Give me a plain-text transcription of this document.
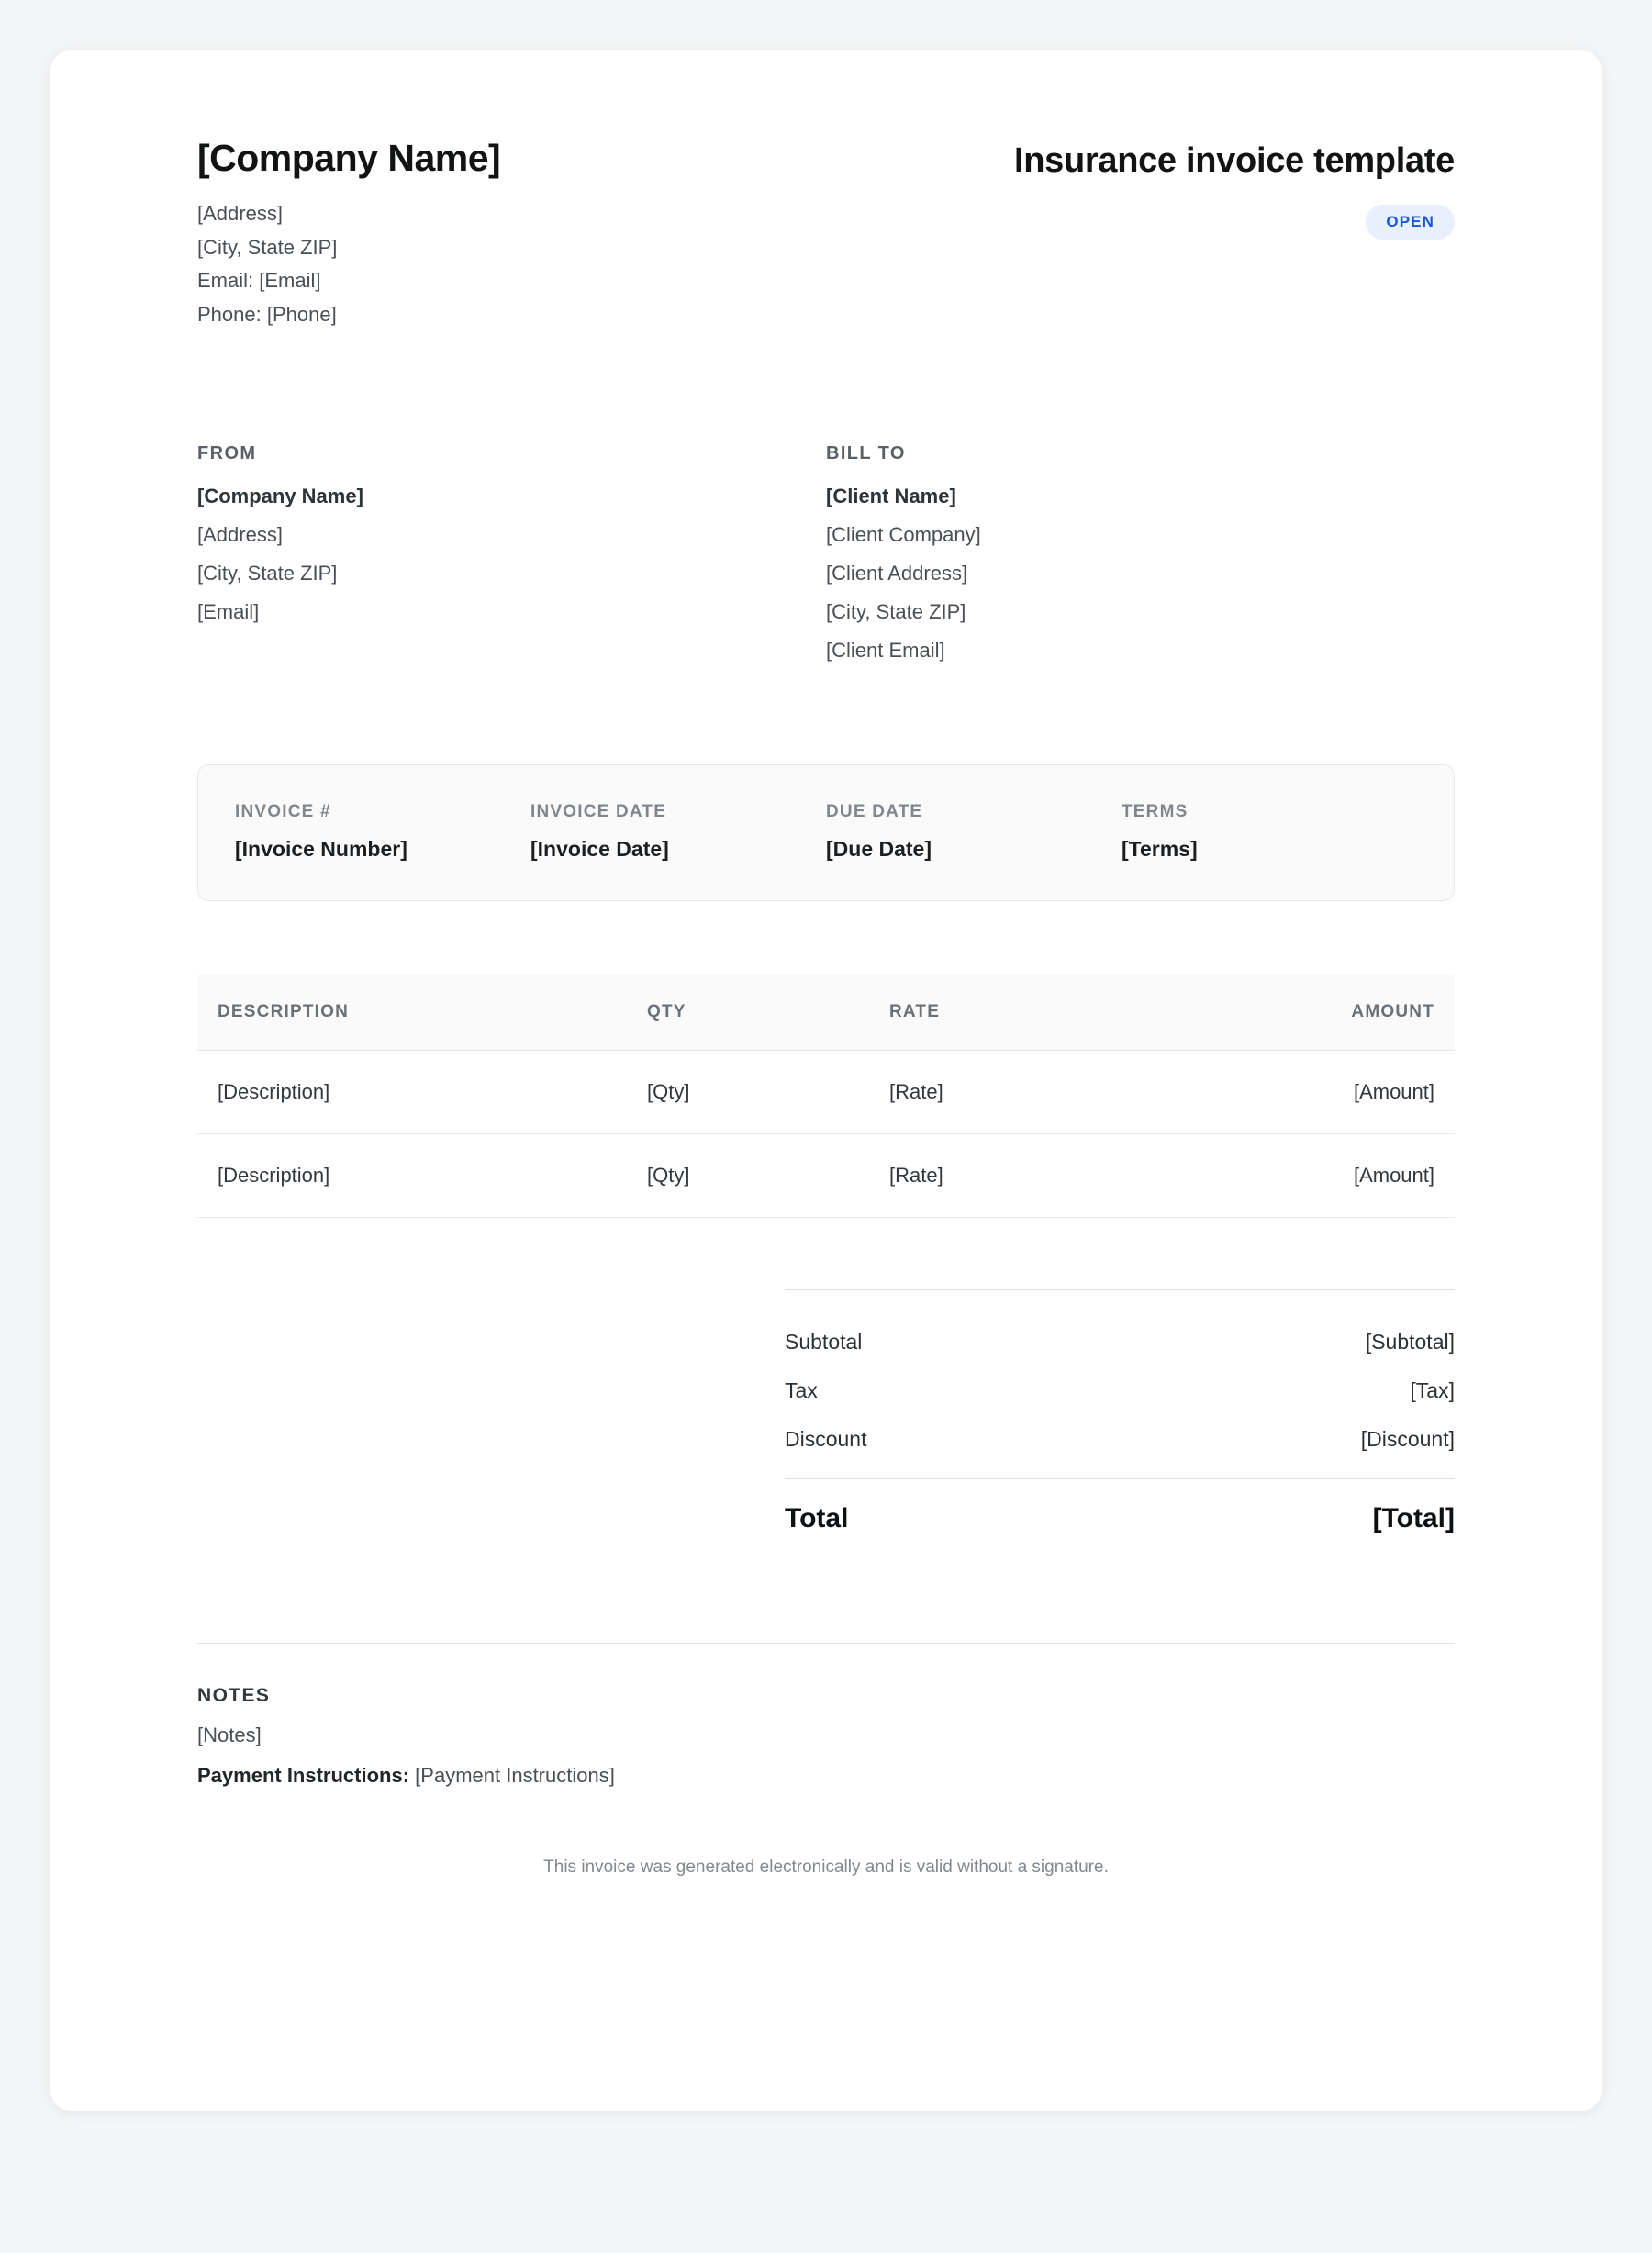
[Company Name]
[Address]
[City, State ZIP]
Email: [Email]
Phone: [Phone]
Insurance invoice template
OPEN
FROM
[Company Name]
[Address]
[City, State ZIP]
[Email]
BILL TO
[Client Name]
[Client Company]
[Client Address]
[City, State ZIP]
[Client Email]
INVOICE #
[Invoice Number]
INVOICE DATE
[Invoice Date]
DUE DATE
[Due Date]
TERMS
[Terms]
DESCRIPTION	QTY	RATE	AMOUNT
[Description]	[Qty]	[Rate]	[Amount]
[Description]	[Qty]	[Rate]	[Amount]
Subtotal	[Subtotal]
Tax	[Tax]
Discount	[Discount]
Total	[Total]
NOTES
[Notes]
Payment Instructions: [Payment Instructions]
This invoice was generated electronically and is valid without a signature.
